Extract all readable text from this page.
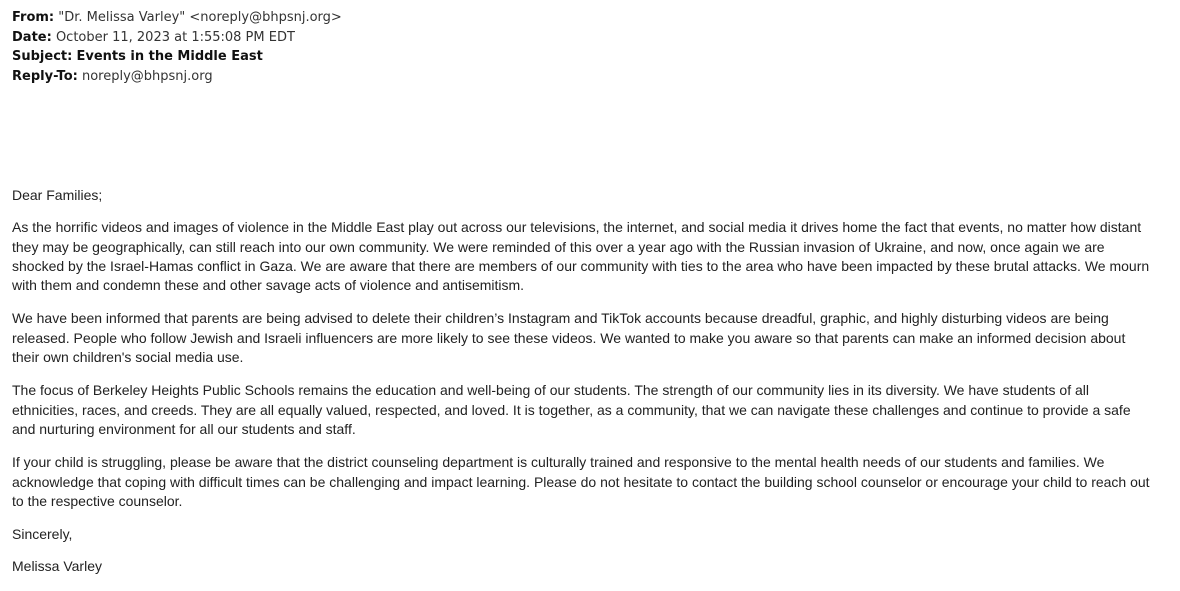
From: "Dr. Melissa Varley" <noreply@bhpsnj.org>
Date: October 11, 2023 at 1:55:08 PM EDT
Subject: Events in the Middle East
Reply-To: noreply@bhpsnj.org

Dear Families;

As the horrific videos and images of violence in the Middle East play out across our televisions, the internet, and social media it drives home the fact that events, no matter how distant they may be geographically, can still reach into our own community. We were reminded of this over a year ago with the Russian invasion of Ukraine, and now, once again we are shocked by the Israel-Hamas conflict in Gaza. We are aware that there are members of our community with ties to the area who have been impacted by these brutal attacks. We mourn with them and condemn these and other savage acts of violence and antisemitism.

We have been informed that parents are being advised to delete their children’s Instagram and TikTok accounts because dreadful, graphic, and highly disturbing videos are being released. People who follow Jewish and Israeli influencers are more likely to see these videos. We wanted to make you aware so that parents can make an informed decision about their own children's social media use.

The focus of Berkeley Heights Public Schools remains the education and well-being of our students. The strength of our community lies in its diversity. We have students of all ethnicities, races, and creeds. They are all equally valued, respected, and loved. It is together, as a community, that we can navigate these challenges and continue to provide a safe and nurturing environment for all our students and staff.

If your child is struggling, please be aware that the district counseling department is culturally trained and responsive to the mental health needs of our students and families. We acknowledge that coping with difficult times can be challenging and impact learning. Please do not hesitate to contact the building school counselor or encourage your child to reach out to the respective counselor.

Sincerely,

Melissa Varley
